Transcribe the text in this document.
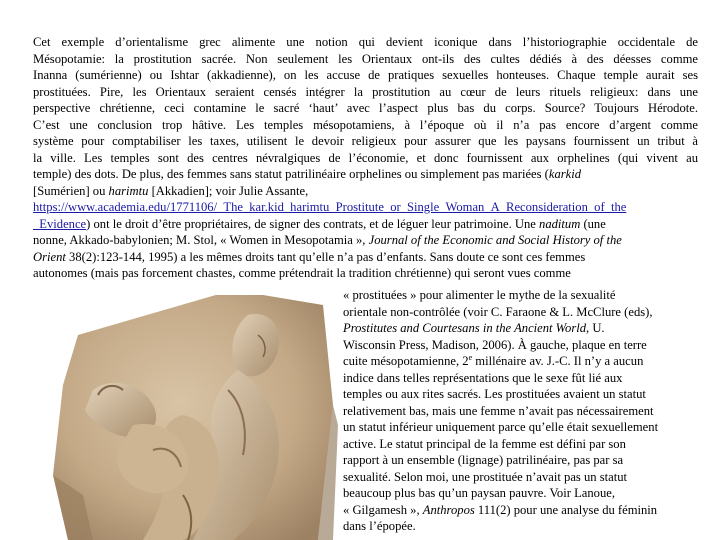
Cet exemple d’orientalisme grec alimente une notion qui devient iconique dans l’historiographie occidentale de
Mésopotamie: la prostitution sacrée. Non seulement les Orientaux ont-ils des cultes dédiés à des déesses comme
Inanna (sumérienne) ou Ishtar (akkadienne), on les accuse de pratiques sexuelles honteuses. Chaque temple aurait ses
prostituées. Pire, les Orientaux seraient censés intégrer la prostitution au cœur de leurs rituels religieux: dans une
perspective chrétienne, ceci contamine le sacré ‘haut’ avec l’aspect plus bas du corps. Source? Toujours Hérodote.
C’est une conclusion trop hâtive. Les temples mésopotamiens, à l’époque où il n’a pas encore d’argent comme
système pour comptabiliser les taxes, utilisent le devoir religieux pour assurer que les paysans fournissent un tribut à
la ville. Les temples sont des centres névralgiques de l’économie, et donc fournissent aux orphelines (qui vivent au
temple) des dots. De plus, des femmes sans statut patrilinéaire orphelines ou simplement pas mariées (karkid
[Sumérien] ou harimtu [Akkadien]; voir Julie Assante,
https://www.academia.edu/1771106/_The_kar.kid_harimtu_Prostitute_or_Single_Woman_A_Reconsideration_of_the
_Evidence) ont le droit d’être propriétaires, de signer des contrats, et de léguer leur patrimoine. Une naditum (une
nonne, Akkado-babylonien; M. Stol, « Women in Mesopotamia », Journal of the Economic and Social History of the
Orient 38(2):123-144, 1995) a les mêmes droits tant qu’elle n’a pas d’enfants. Sans doute ce sont ces femmes
autonomes (mais pas forcement chastes, comme prétendrait la tradition chrétienne) qui seront vues comme
« prostituées » pour alimenter le mythe de la sexualité
orientale non-contrôlée (voir C. Faraone & L. McClure (eds),
Prostitutes and Courtesans in the Ancient World, U.
Wisconsin Press, Madison, 2006). À gauche, plaque en terre
cuite mésopotamienne, 2e millénaire av. J.-C. Il n’y a aucun
indice dans telles représentations que le sexe fût lié aux
temples ou aux rites sacrés. Les prostituées avaient un statut
relativement bas, mais une femme n’avait pas nécessairement
un statut inférieur uniquement parce qu’elle était sexuellement
active. Le statut principal de la femme est défini par son
rapport à un ensemble (lignage) patrilinéaire, pas par sa
sexualité. Selon moi, une prostituée n’avait pas un statut
beaucoup plus bas qu’un paysan pauvre. Voir Lanoue,
« Gilgamesh », Anthropos 111(2) pour une analyse du féminin
dans l’épopée.
